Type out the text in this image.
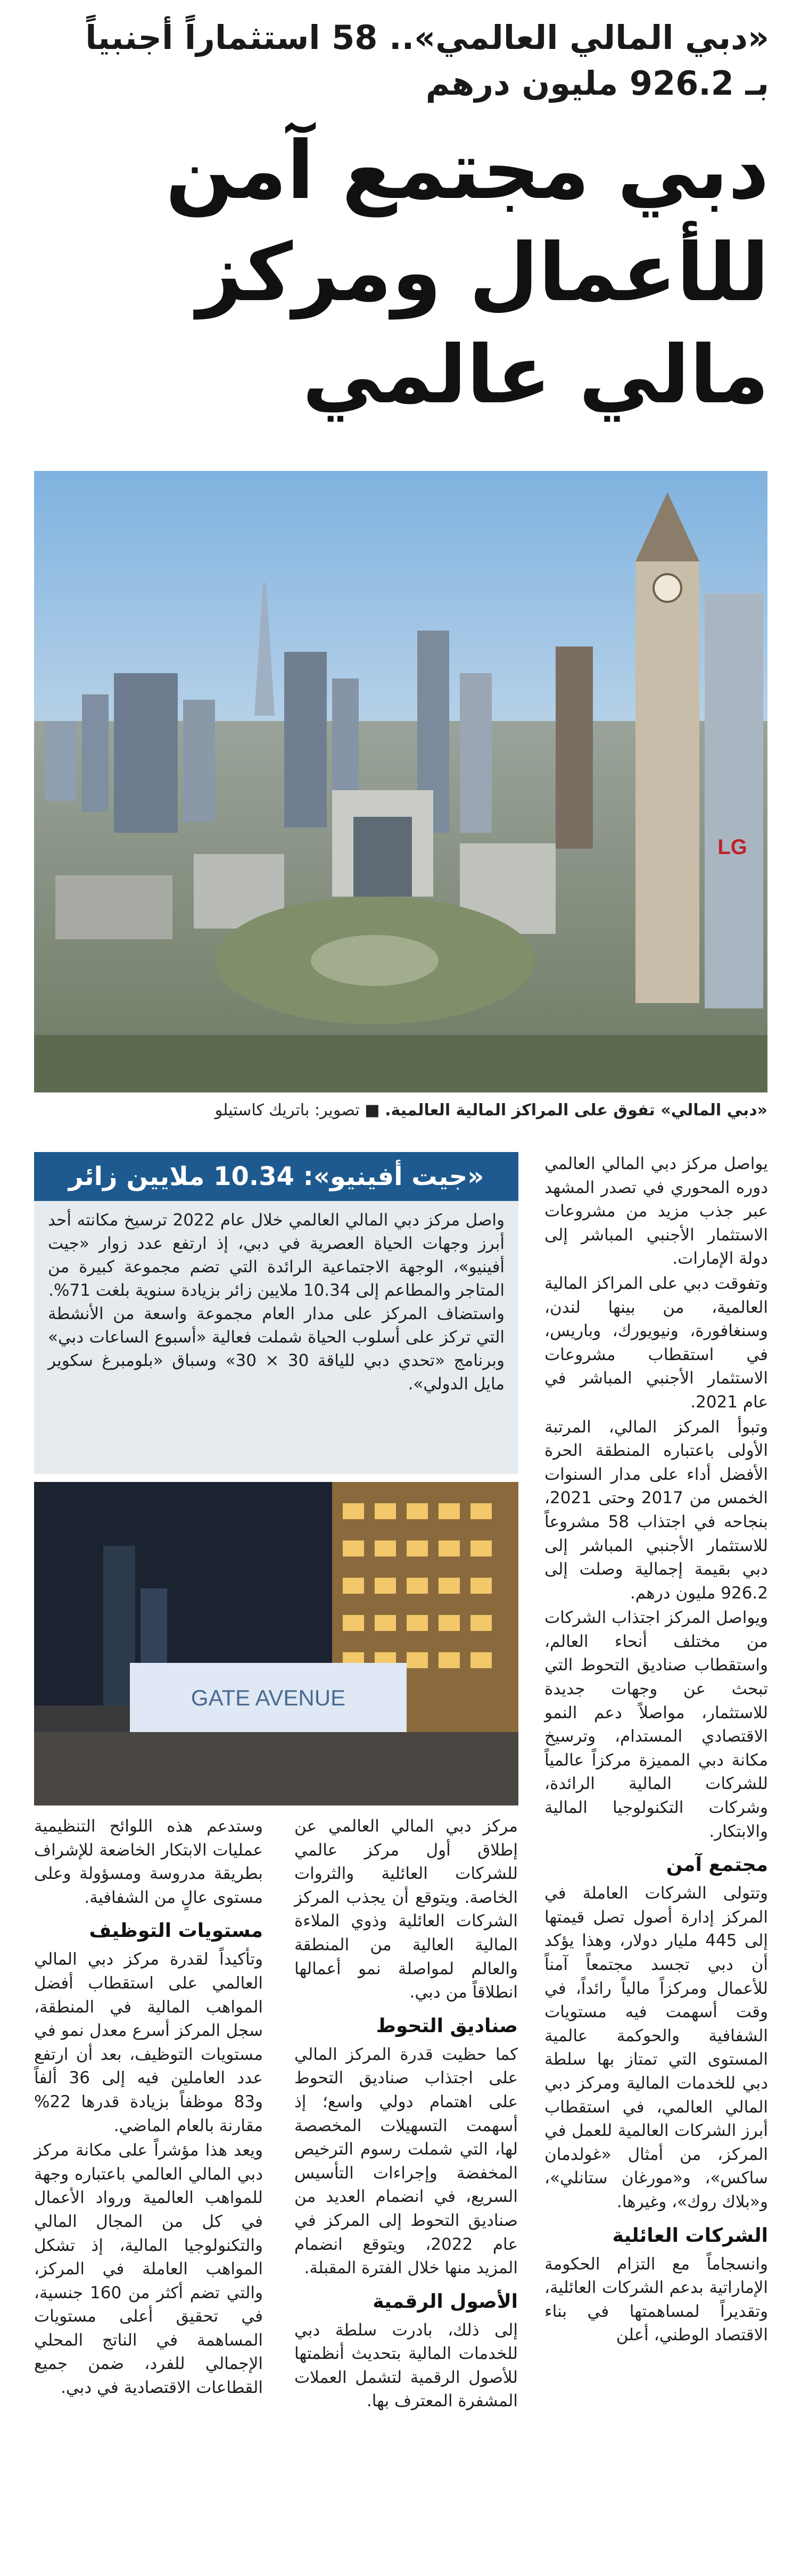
«دبي المالي العالمي».. 58 استثماراً أجنبياً
بـ 926.2 مليون درهم
دبي مجتمع آمن
للأعمال ومركز
مالي عالمي
LG
«دبي المالي» تفوق على المراكز المالية العالمية. ■ تصوير: باتريك كاستيلو

يواصل مركز دبي المالي العالمي دوره المحوري في تصدر المشهد عبر جذب مزيد من مشروعات الاستثمار الأجنبي المباشر إلى دولة الإمارات.

وتفوقت دبي على المراكز المالية العالمية، من بينها لندن، وسنغافورة، ونيويورك، وباريس، في استقطاب مشروعات الاستثمار الأجنبي المباشر في عام 2021.

وتبوأ المركز المالي، المرتبة الأولى باعتباره المنطقة الحرة الأفضل أداء على مدار السنوات الخمس من 2017 وحتى 2021، بنجاحه في اجتذاب 58 مشروعاً للاستثمار الأجنبي المباشر إلى دبي بقيمة إجمالية وصلت إلى 926.2 مليون درهم.

ويواصل المركز اجتذاب الشركات من مختلف أنحاء العالم، واستقطاب صناديق التحوط التي تبحث عن وجهات جديدة للاستثمار، مواصلاً دعم النمو الاقتصادي المستدام، وترسيخ مكانة دبي المميزة مركزاً عالمياً للشركات المالية الرائدة، وشركات التكنولوجيا المالية والابتكار.

مجتمع آمن

وتتولى الشركات العاملة في المركز إدارة أصول تصل قيمتها إلى 445 مليار دولار، وهذا يؤكد أن دبي تجسد مجتمعاً آمناً للأعمال ومركزاً مالياً رائداً، في وقت أسهمت فيه مستويات الشفافية والحوكمة عالمية المستوى التي تمتاز بها سلطة دبي للخدمات المالية ومركز دبي المالي العالمي، في استقطاب أبرز الشركات العالمية للعمل في المركز، من أمثال «غولدمان ساكس»، و«مورغان ستانلي»، و«بلاك روك»، وغيرها.

الشركات العائلية

وانسجاماً مع التزام الحكومة الإماراتية بدعم الشركات العائلية، وتقديراً لمساهمتها في بناء الاقتصاد الوطني، أعلن

«جيت أفينيو»: 10.34 ملايين زائر

واصل مركز دبي المالي العالمي خلال عام 2022 ترسيخ مكانته أحد أبرز وجهات الحياة العصرية في دبي، إذ ارتفع عدد زوار «جيت أفينيو»، الوجهة الاجتماعية الرائدة التي تضم مجموعة كبيرة من المتاجر والمطاعم إلى 10.34 ملايين زائر بزيادة سنوية بلغت 71%.

واستضاف المركز على مدار العام مجموعة واسعة من الأنشطة التي تركز على أسلوب الحياة شملت فعالية «أسبوع الساعات دبي» وبرنامج «تحدي دبي للياقة 30 × 30» وسباق «بلومبرغ سكوير مايل الدولي».

GATE AVENUE

مركز دبي المالي العالمي عن إطلاق أول مركز عالمي للشركات العائلية والثروات الخاصة. ويتوقع أن يجذب المركز الشركات العائلية وذوي الملاءة المالية العالية من المنطقة والعالم لمواصلة نمو أعمالها انطلاقاً من دبي.

صناديق التحوط

كما حظيت قدرة المركز المالي على اجتذاب صناديق التحوط على اهتمام دولي واسع؛ إذ أسهمت التسهيلات المخصصة لها، التي شملت رسوم الترخيص المخفضة وإجراءات التأسيس السريع، في انضمام العديد من صناديق التحوط إلى المركز في عام 2022، ويتوقع انضمام المزيد منها خلال الفترة المقبلة.

الأصول الرقمية

إلى ذلك، بادرت سلطة دبي للخدمات المالية بتحديث أنظمتها للأصول الرقمية لتشمل العملات المشفرة المعترف بها.

وستدعم هذه اللوائح التنظيمية عمليات الابتكار الخاضعة للإشراف بطريقة مدروسة ومسؤولة وعلى مستوى عالٍ من الشفافية.

مستويات التوظيف

وتأكيداً لقدرة مركز دبي المالي العالمي على استقطاب أفضل المواهب المالية في المنطقة، سجل المركز أسرع معدل نمو في مستويات التوظيف، بعد أن ارتفع عدد العاملين فيه إلى 36 ألفاً و83 موظفاً بزيادة قدرها 22% مقارنة بالعام الماضي.

ويعد هذا مؤشراً على مكانة مركز دبي المالي العالمي باعتباره وجهة للمواهب العالمية ورواد الأعمال في كل من المجال المالي والتكنولوجيا المالية، إذ تشكل المواهب العاملة في المركز، والتي تضم أكثر من 160 جنسية، في تحقيق أعلى مستويات المساهمة في الناتج المحلي الإجمالي للفرد، ضمن جميع القطاعات الاقتصادية في دبي.
